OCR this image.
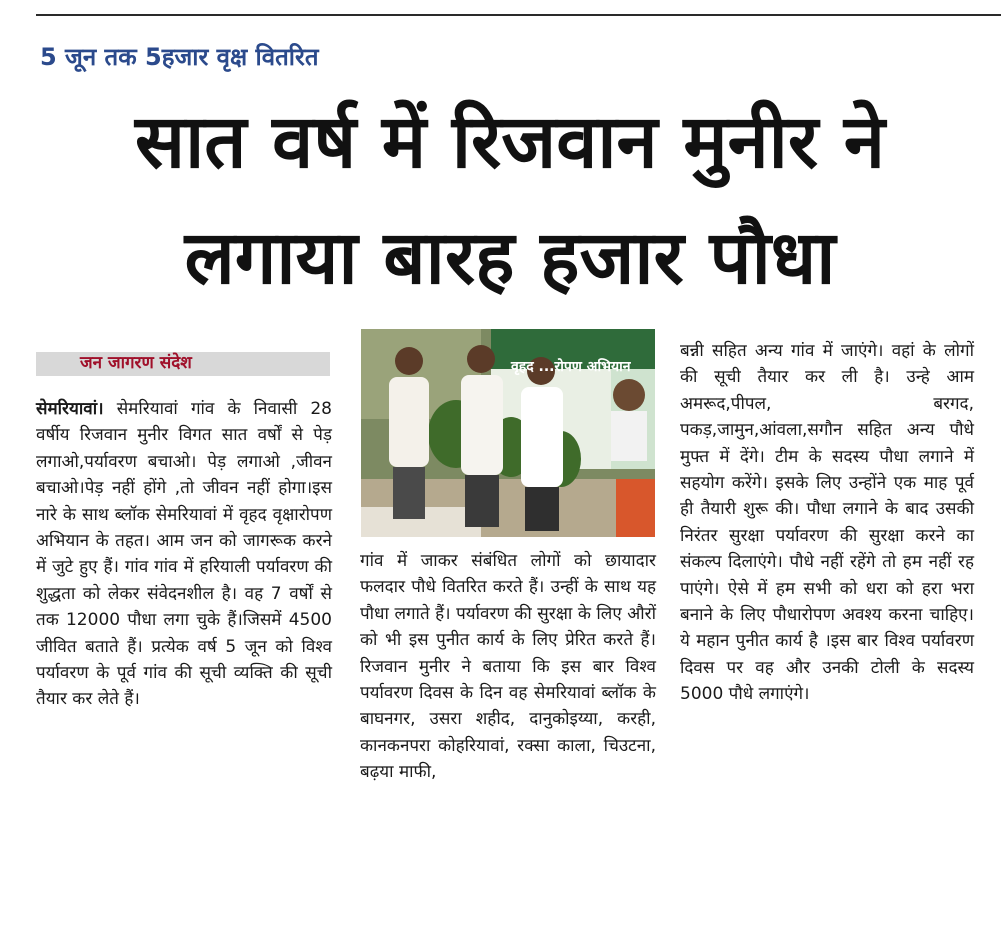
5 जून तक 5हजार वृक्ष वितरित
सात वर्ष में रिजवान मुनीर ने
लगाया बारह हजार पौधा
जन जागरण संदेश
सेमरियावां। सेमरियावां गांव के निवासी 28 वर्षीय रिजवान मुनीर विगत सात वर्षों से पेड़ लगाओ,पर्यावरण बचाओ। पेड़ लगाओ ,जीवन बचाओ।पेड़ नहीं होंगे ,तो जीवन नहीं होगा।इस नारे के साथ ब्लॉक सेमरियावां में वृहद वृक्षारोपण अभियान के तहत। आम जन को जागरूक करने में जुटे हुए हैं। गांव गांव में हरियाली पर्यावरण की शुद्धता को लेकर संवेदनशील है। वह 7 वर्षों से तक 12000 पौधा लगा चुके हैं।जिसमें 4500 जीवित बताते हैं। प्रत्येक वर्ष 5 जून को विश्व पर्यावरण के पूर्व गांव की सूची व्यक्ति की सूची तैयार कर लेते हैं।
वृहद ...रोपण अभियान
गांव में जाकर संबंधित लोगों को छायादार फलदार पौधे वितरित करते हैं। उन्हीं के साथ यह पौधा लगाते हैं। पर्यावरण की सुरक्षा के लिए औरों को भी इस पुनीत कार्य के लिए प्रेरित करते हैं। रिजवान मुनीर ने बताया कि इस बार विश्व पर्यावरण दिवस के दिन वह सेमरियावां ब्लॉक के बाघनगर, उसरा शहीद, दानुकोइय्या, करही, कानकनपरा कोहरियावां, रक्सा काला, चिउटना, बढ़या माफी,
बन्नी सहित अन्य गांव में जाएंगे। वहां के लोगों की सूची तैयार कर ली है। उन्हे आम अमरूद,पीपल, बरगद, पकड़,जामुन,आंवला,सगौन सहित अन्य पौधे मुफ्त में देंगे। टीम के सदस्य पौधा लगाने में सहयोग करेंगे। इसके लिए उन्होंने एक माह पूर्व ही तैयारी शुरू की। पौधा लगाने के बाद उसकी निरंतर सुरक्षा पर्यावरण की सुरक्षा करने का संकल्प दिलाएंगे। पौधे नहीं रहेंगे तो हम नहीं रह पाएंगे। ऐसे में हम सभी को धरा को हरा भरा बनाने के लिए पौधारोपण अवश्य करना चाहिए। ये महान पुनीत कार्य है ।इस बार विश्व पर्यावरण दिवस पर वह और उनकी टोली के सदस्य 5000 पौधे लगाएंगे।
